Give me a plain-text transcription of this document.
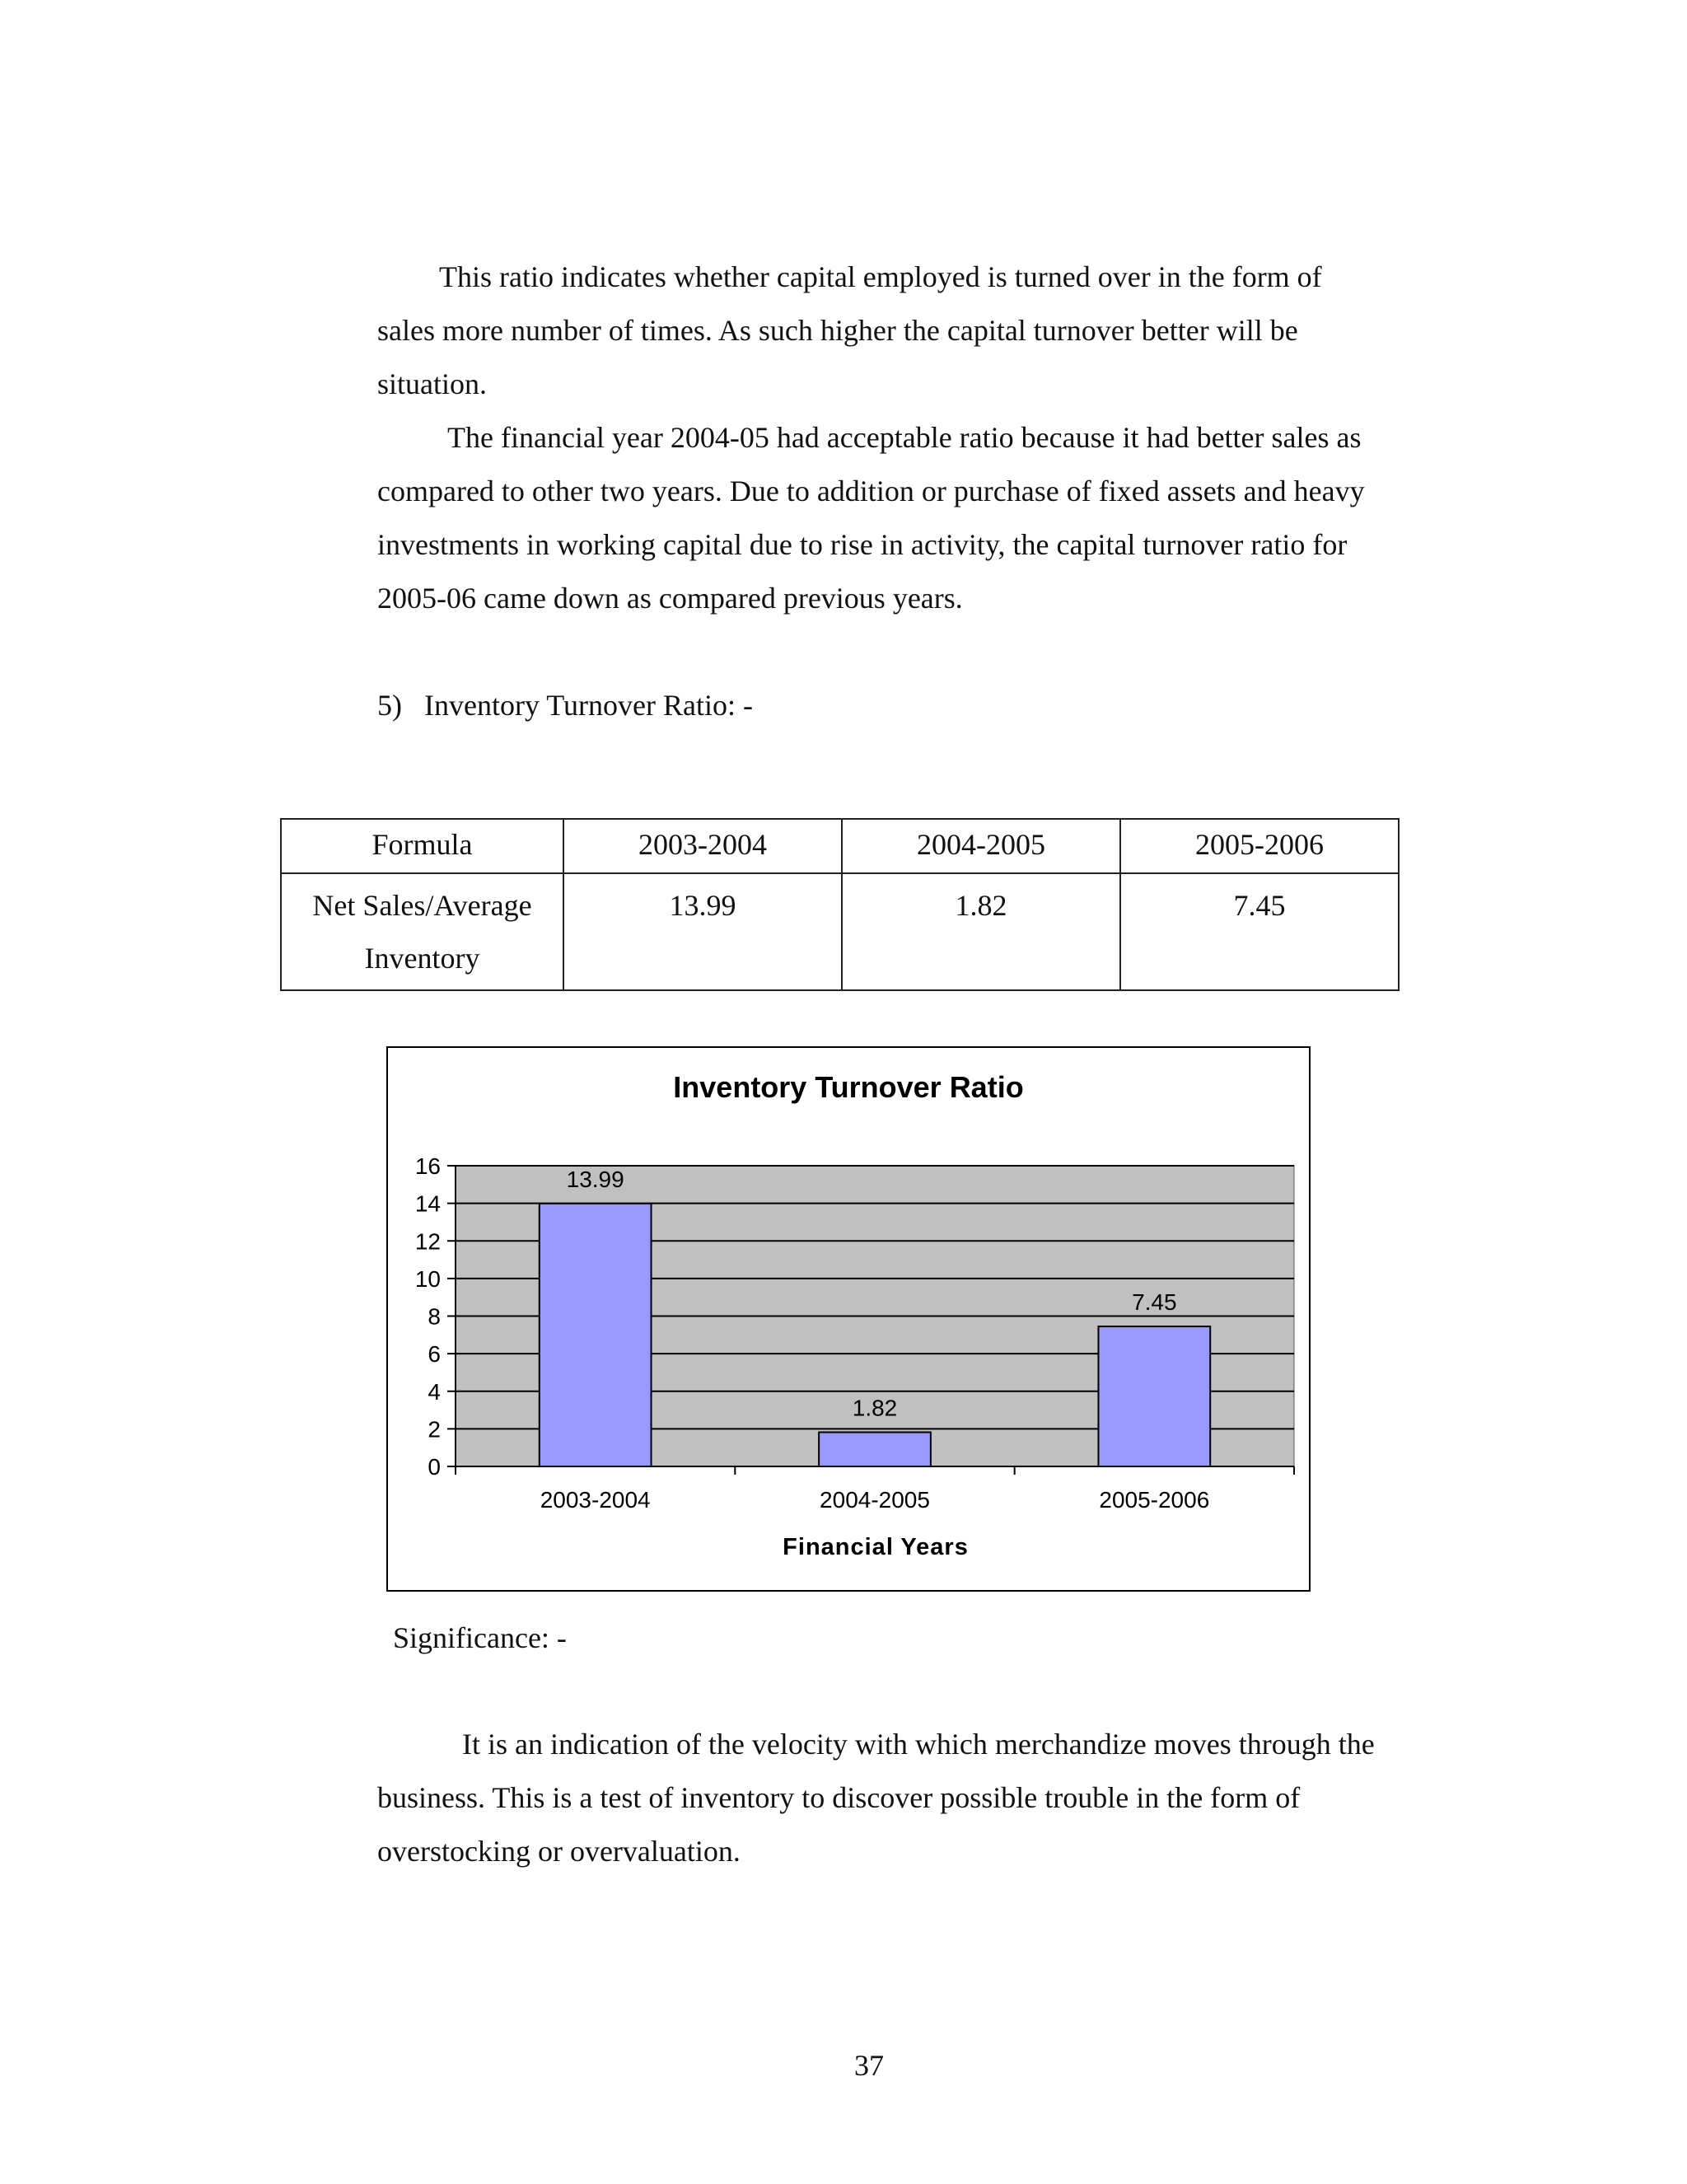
This ratio indicates whether capital employed is turned over in the form of
sales more number of times. As such higher the capital turnover better will be
situation.
The financial year 2004-05 had acceptable ratio because it had better sales as
compared to other two years. Due to addition or purchase of fixed assets and heavy
investments in working capital due to rise in activity, the capital turnover ratio for
2005-06 came down as compared previous years.
5)   Inventory Turnover Ratio: -
Formula	2003-2004	2004-2005	2005-2006

Net Sales/Average
Inventory	13.99	1.82	7.45
Inventory Turnover Ratio
0
2
4
6
8
10
12
14
16
13.99
2003-2004
1.82
2004-2005
7.45
2005-2006
Financial Years
Significance: -
It is an indication of the velocity with which merchandize moves through the
business. This is a test of inventory to discover possible trouble in the form of
overstocking or overvaluation.
37
